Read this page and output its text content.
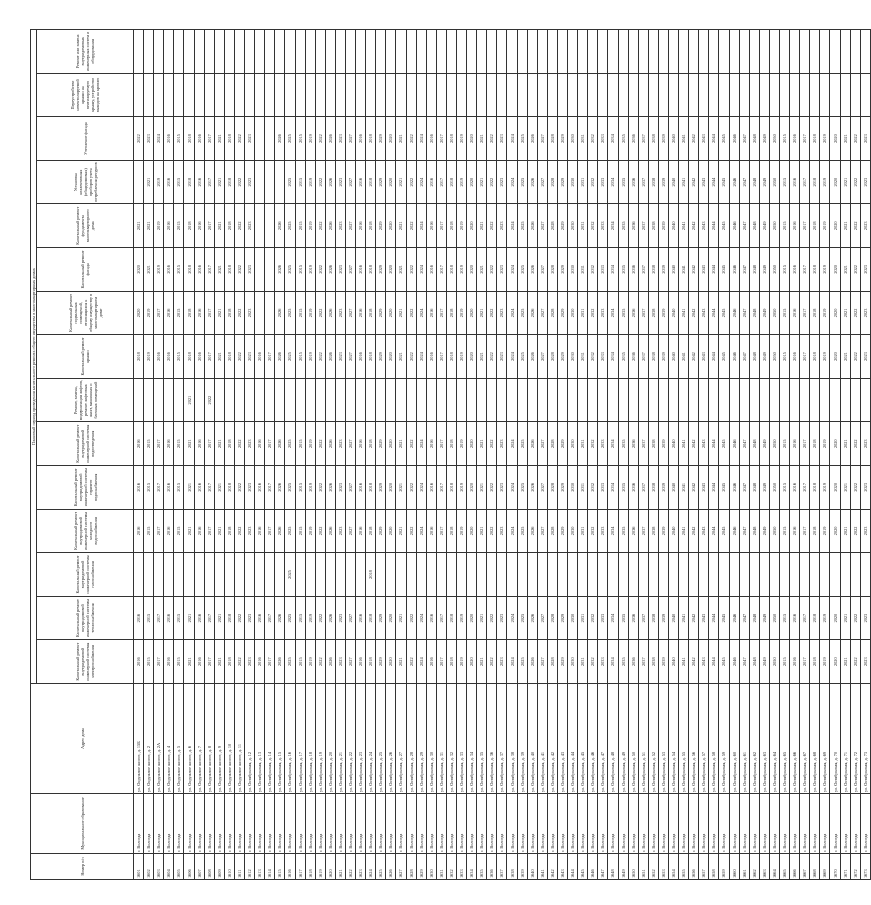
Номер п/п	Муниципальное образование	Адрес дома	Плановый период проведения капитального ремонта общего имущества в многоквартирных домах														
			Капитальный ремонт внутридомовой инженерной системы электроснабжения	Капитальный ремонт внутридомовой инженерной системы теплоснабжения	Капитальный ремонт внутридомовой инженерной системы газоснабжения	Капитальный ремонт внутридомовой инженерной системы холодного водоснабжения	Капитальный ремонт внутридомовой инженерной системы горячего водоснабжения	Капитальный ремонт внутридомовой инженерной системы водоотведения	Ремонт, замена, модернизация лифтов, ремонт лифтовых шахт, машинных и блочных помещений	Капитальный ремонт крыши	Капитальный ремонт подвальных помещений, относящихся к общему имуществу в многоквартирном доме	Капитальный ремонт фасада	Капитальный ремонт фундамента многоквартирного дома	Установка коллективных (общедомовых) приборов учета потребления ресурсов	Утепление фасада	Переустройство невентилируемой крыши на вентилируемую крышу, устройство выходов на кровлю	Ремонт или замена внутридомовых инженерных систем и оборудования
1601	г. Вологда	ул. Окружное шоссе, д. 15Б	2016	2016		2016	2016	2016		2018	2020	2020	2021		2022		
1602	г. Вологда	ул. Окружное шоссе, д. 2	2015	2015		2015	2015	2015		2019	2019	2021	2021	2021	2023		
1603	г. Вологда	ул. Окружное шоссе, д. 2А	2017	2017		2017	2017	2017		2016	2017	2019	2019	2019	2024		
1604	г. Вологда	ул. Окружное шоссе, д. 4	2016	2016		2016	2016	2016		2016	2016	2016	2016	2016	2016		
1605	г. Вологда	ул. Окружное шоссе, д. 5	2015	2015		2015	2015	2015		2015	2015	2015	2015	2015	2015		
1606	г. Вологда	ул. Окружное шоссе, д. 6	2021	2021		2021	2021	2021	2021	2018	2018	2018	2018	2018	2018		
1607	г. Вологда	ул. Окружное шоссе, д. 7	2016	2016		2016	2016	2016		2016	2016	2016	2016	2016	2016		
1608	г. Вологда	ул. Окружное шоссе, д. 8	2017	2017		2017	2017	2017	2022	2017	2017	2017	2017	2017	2017		
1609	г. Вологда	ул. Окружное шоссе, д. 9	2021	2021		2021	2021	2021		2021	2021	2021	2021	2021	2021		
1610	г. Вологда	ул. Окружное шоссе, д. 10	2018	2018		2018	2018	2018		2018	2018	2018	2018	2018	2018		
1611	г. Вологда	ул. Окружное шоссе, д. 11	2022	2022		2022	2022	2022		2022	2022	2022	2022	2022	2022		
1612	г. Вологда	ул. Октябрьская, д. 12	2023	2023		2023	2023	2023		2023	2023	2023	2023	2023	2023		
1613	г. Вологда	ул. Октябрьская, д. 13	2016	2016		2016	2016	2016		2016							
1614	г. Вологда	ул. Октябрьская, д. 14	2017	2017		2017	2017	2017		2017							
1615	г. Вологда	ул. Октябрьская, д. 15	2026	2026		2026	2026	2026		2026	2026	2026	2026		2026		
1616	г. Вологда	ул. Октябрьская, д. 16	2025	2025	2025	2025	2025	2025		2025	2025	2025	2025	2025	2025		
1617	г. Вологда	ул. Октябрьская, д. 17	2015	2015		2015	2015	2015		2015	2015	2015	2015	2015	2015		
1618	г. Вологда	ул. Октябрьская, д. 18	2019	2019		2019	2019	2019		2019	2019	2019	2019	2019	2019		
1619	г. Вологда	ул. Октябрьская, д. 19	2022	2022		2022	2022	2022		2022	2022	2022	2022	2022	2022		
1620	г. Вологда	ул. Октябрьская, д. 20	2026	2026		2026	2026	2026		2026	2026	2026	2026	2026	2026		
1621	г. Вологда	ул. Октябрьская, д. 21	2023	2023		2023	2023	2023		2023	2023	2023	2023	2023	2023		
1622	г. Вологда	ул. Октябрьская, д. 22	2027	2027		2027	2027	2027		2027	2027	2027	2027	2027	2027		
1623	г. Вологда	ул. Октябрьская, д. 23	2016	2016		2016	2016	2016		2016	2016	2016	2016	2016	2016		
1624	г. Вологда	ул. Октябрьская, д. 24	2018	2018	2018	2018	2018	2018		2018	2018	2018	2018	2018	2018		
1625	г. Вологда	ул. Октябрьская, д. 25	2029	2029		2029	2029	2029		2029	2029	2029	2029	2029	2029		
1626	г. Вологда	ул. Октябрьская, д. 26	2020	2020		2020	2020	2020		2020	2020	2020	2020	2020	2020		
1627	г. Вологда	ул. Октябрьская, д. 27	2021	2021		2021	2021	2021		2021	2021	2021	2021	2021	2021		
1628	г. Вологда	ул. Октябрьская, д. 28	2022	2022		2022	2022	2022		2022	2022	2022	2022	2022	2022		
1629	г. Вологда	ул. Октябрьская, д. 29	2024	2024		2024	2024	2024		2024	2024	2024	2024	2024	2024		
1630	г. Вологда	ул. Октябрьская, д. 30	2016	2016		2016	2016	2016		2016	2016	2016	2016	2016	2016		
1631	г. Вологда	ул. Октябрьская, д. 31	2017	2017		2017	2017	2017		2017	2017	2017	2017	2017	2017		
1632	г. Вологда	ул. Октябрьская, д. 32	2018	2018		2018	2018	2018		2018	2018	2018	2018	2018	2018		
1633	г. Вологда	ул. Октябрьская, д. 33	2019	2019		2019	2019	2019		2019	2019	2019	2019	2019	2019		
1634	г. Вологда	ул. Октябрьская, д. 34	2020	2020		2020	2020	2020		2020	2020	2020	2020	2020	2020		
1635	г. Вологда	ул. Октябрьская, д. 35	2021	2021		2021	2021	2021		2021	2021	2021	2021	2021	2021		
1636	г. Вологда	ул. Октябрьская, д. 36	2022	2022		2022	2022	2022		2022	2022	2022	2022	2022	2022		
1637	г. Вологда	ул. Октябрьская, д. 37	2023	2023		2023	2023	2023		2023	2023	2023	2023	2023	2023		
1638	г. Вологда	ул. Октябрьская, д. 38	2024	2024		2024	2024	2024		2024	2024	2024	2024	2024	2024		
1639	г. Вологда	ул. Октябрьская, д. 39	2025	2025		2025	2025	2025		2025	2025	2025	2025	2025	2025		
1640	г. Вологда	ул. Октябрьская, д. 40	2026	2026		2026	2026	2026		2026	2026	2026	2026	2026	2026		
1641	г. Вологда	ул. Октябрьская, д. 41	2027	2027		2027	2027	2027		2027	2027	2027	2027	2027	2027		
1642	г. Вологда	ул. Октябрьская, д. 42	2028	2028		2028	2028	2028		2028	2028	2028	2028	2028	2028		
1643	г. Вологда	ул. Октябрьская, д. 43	2029	2029		2029	2029	2029		2029	2029	2029	2029	2029	2029		
1644	г. Вологда	ул. Октябрьская, д. 44	2030	2030		2030	2030	2030		2030	2030	2030	2030	2030	2030		
1645	г. Вологда	ул. Октябрьская, д. 45	2031	2031		2031	2031	2031		2031	2031	2031	2031	2031	2031		
1646	г. Вологда	ул. Октябрьская, д. 46	2032	2032		2032	2032	2032		2032	2032	2032	2032	2032	2032		
1647	г. Вологда	ул. Октябрьская, д. 47	2033	2033		2033	2033	2033		2033	2033	2033	2033	2033	2033		
1648	г. Вологда	ул. Октябрьская, д. 48	2034	2034		2034	2034	2034		2034	2034	2034	2034	2034	2034		
1649	г. Вологда	ул. Октябрьская, д. 49	2035	2035		2035	2035	2035		2035	2035	2035	2035	2035	2035		
1650	г. Вологда	ул. Октябрьская, д. 50	2036	2036		2036	2036	2036		2036	2036	2036	2036	2036	2036		
1651	г. Вологда	ул. Октябрьская, д. 51	2037	2037		2037	2037	2037		2037	2037	2037	2037	2037	2037		
1652	г. Вологда	ул. Октябрьская, д. 52	2038	2038		2038	2038	2038		2038	2038	2038	2038	2038	2038		
1653	г. Вологда	ул. Октябрьская, д. 53	2039	2039		2039	2039	2039		2039	2039	2039	2039	2039	2039		
1654	г. Вологда	ул. Октябрьская, д. 54	2040	2040		2040	2040	2040		2040	2040	2040	2040	2040	2040		
1655	г. Вологда	ул. Октябрьская, д. 55	2041	2041		2041	2041	2041		2041	2041	2041	2041	2041	2041		
1656	г. Вологда	ул. Октябрьская, д. 56	2042	2042		2042	2042	2042		2042	2042	2042	2042	2042	2042		
1657	г. Вологда	ул. Октябрьская, д. 57	2043	2043		2043	2043	2043		2043	2043	2043	2043	2043	2043		
1658	г. Вологда	ул. Октябрьская, д. 58	2044	2044		2044	2044	2044		2044	2044	2044	2044	2044	2044		
1659	г. Вологда	ул. Октябрьская, д. 59	2045	2045		2045	2045	2045		2045	2045	2045	2045	2045	2045		
1660	г. Вологда	ул. Октябрьская, д. 60	2046	2046		2046	2046	2046		2046	2046	2046	2046	2046	2046		
1661	г. Вологда	ул. Октябрьская, д. 61	2047	2047		2047	2047	2047		2047	2047	2047	2047	2047	2047		
1662	г. Вологда	ул. Октябрьская, д. 62	2048	2048		2048	2048	2048		2048	2048	2048	2048	2048	2048		
1663	г. Вологда	ул. Октябрьская, д. 63	2049	2049		2049	2049	2049		2049	2049	2049	2049	2049	2049		
1664	г. Вологда	ул. Октябрьская, д. 64	2050	2050		2050	2050	2050		2050	2050	2050	2050	2050	2050		
1665	г. Вологда	ул. Октябрьская, д. 65	2015	2015		2015	2015	2015		2015	2015	2015	2015	2015	2015		
1666	г. Вологда	ул. Октябрьская, д. 66	2016	2016		2016	2016	2016		2016	2016	2016	2016	2016	2016		
1667	г. Вологда	ул. Октябрьская, д. 67	2017	2017		2017	2017	2017		2017	2017	2017	2017	2017	2017		
1668	г. Вологда	ул. Октябрьская, д. 68	2018	2018		2018	2018	2018		2018	2018	2018	2018	2018	2018		
1669	г. Вологда	ул. Октябрьская, д. 69	2019	2019		2019	2019	2019		2019	2019	2019	2019	2019	2019		
1670	г. Вологда	ул. Октябрьская, д. 70	2020	2020		2020	2020	2020		2020	2020	2020	2020	2020	2020		
1671	г. Вологда	ул. Октябрьская, д. 71	2021	2021		2021	2021	2021		2021	2021	2021	2021	2021	2021		
1672	г. Вологда	ул. Октябрьская, д. 72	2022	2022		2022	2022	2022		2022	2022	2022	2022	2022	2022		
1673	г. Вологда	ул. Октябрьская, д. 73	2023	2023		2023	2023	2023		2023	2023	2023	2023	2023	2023		
